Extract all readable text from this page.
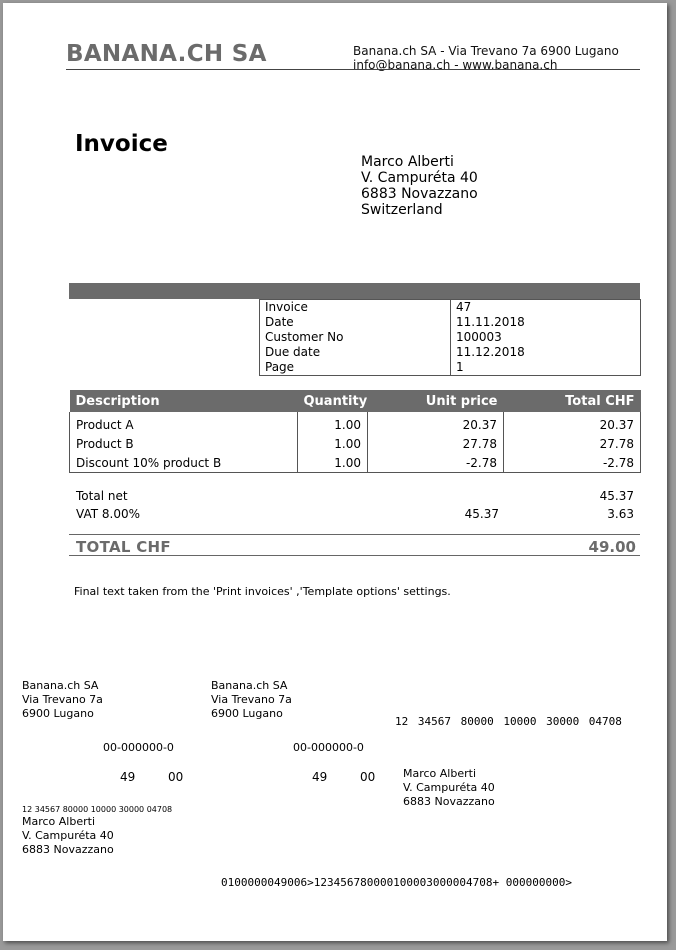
BANANA.CH SA	Banana.ch SA - Via Trevano 7a 6900 Lugano
info@banana.ch - www.banana.ch
Invoice
Marco Alberti
V. Campuréta 40
6883 Novazzano
Switzerland
Invoice	47
Date	11.11.2018
Customer No	100003
Due date	11.12.2018
Page	1
Description	Quantity	Unit price	Total CHF
Product A	1.00	20.37	20.37
Product B	1.00	27.78	27.78
Discount 10% product B	1.00	-2.78	-2.78
Total net	45.37
VAT 8.00%	45.37	3.63
TOTAL CHF	49.00
Final text taken from the 'Print invoices' ,'Template options' settings.
Banana.ch SA
Via Trevano 7a
6900 Lugano
Banana.ch SA
Via Trevano 7a
6900 Lugano
12 34567 80000 10000 30000 04708
00-000000-0	00-000000-0
49	00	49	00	Marco Alberti
V. Campuréta 40
6883 Novazzano
12 34567 80000 10000 30000 04708
Marco Alberti
V. Campuréta 40
6883 Novazzano
0100000049006>123456780000100003000004708+ 000000000>
